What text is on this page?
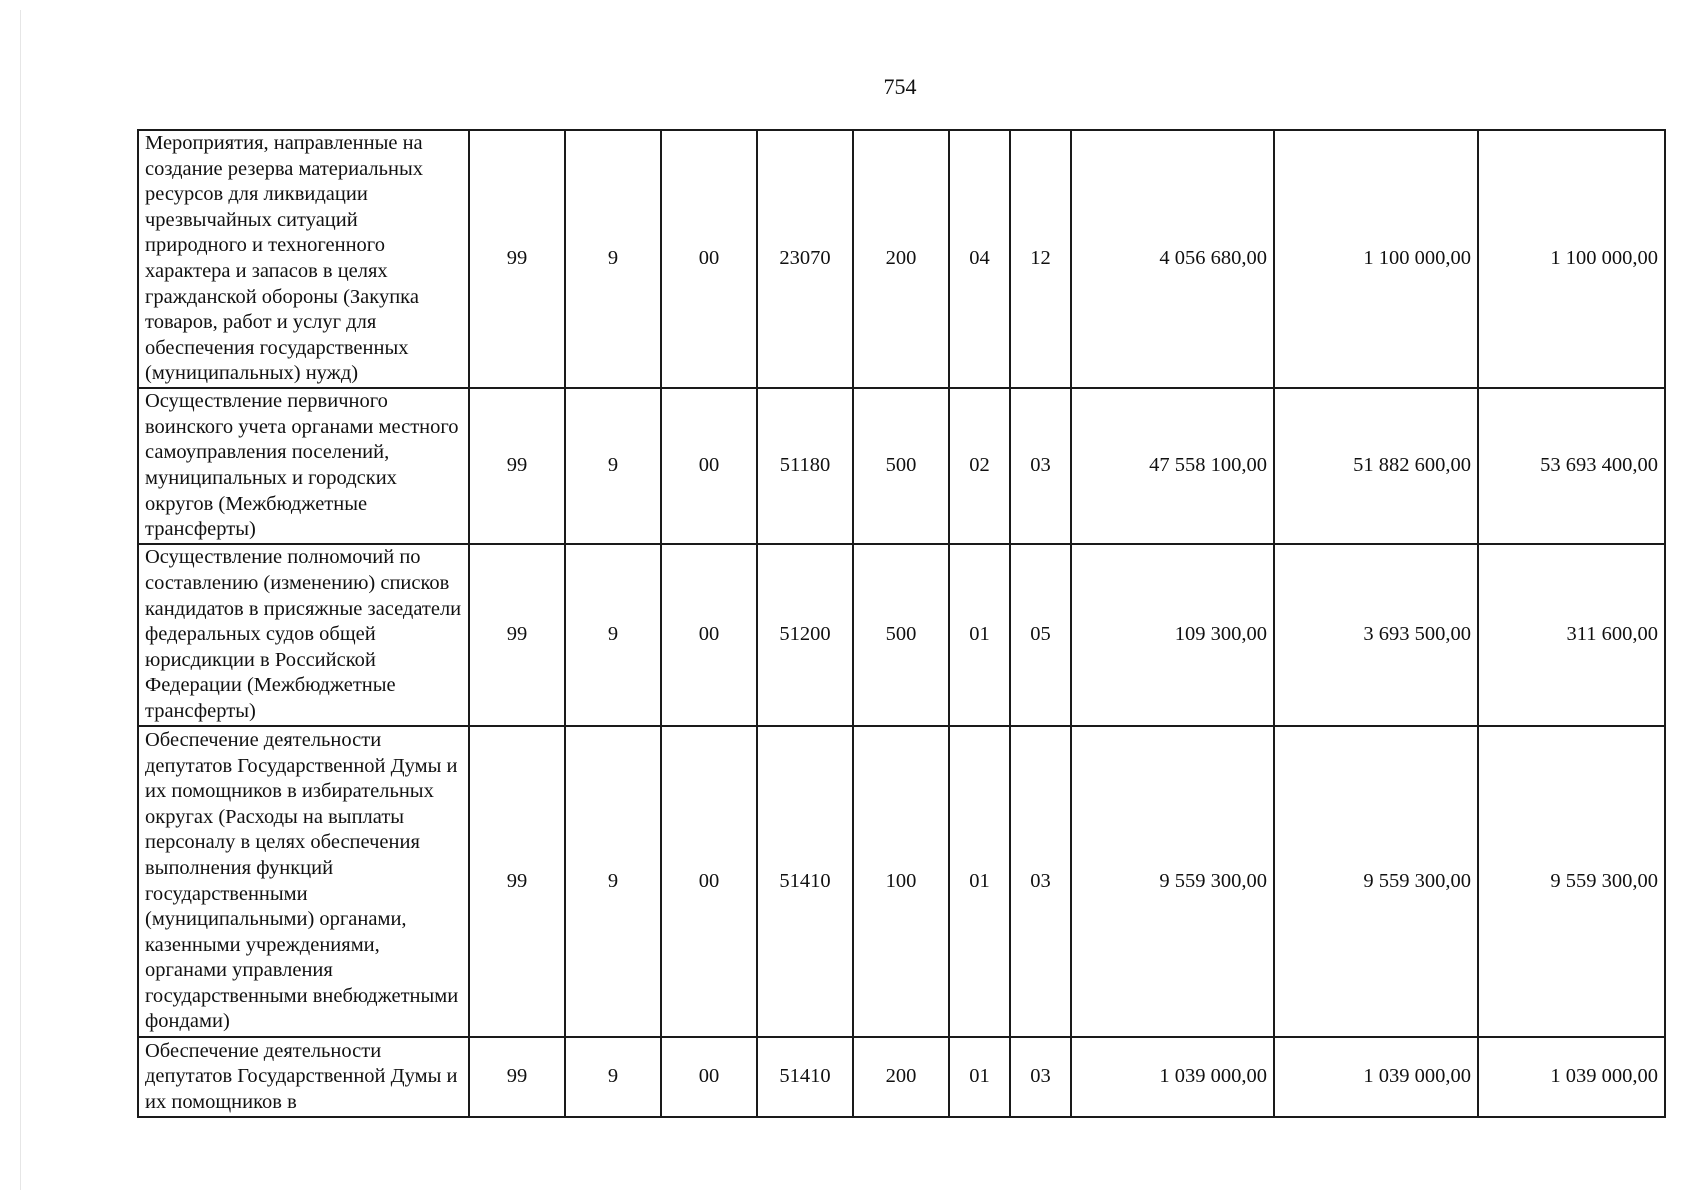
754
Мероприятия, направленные на создание резерва материальных ресурсов для ликвидации чрезвычайных ситуаций природного и техногенного характера и запасов в целях гражданской обороны (Закупка товаров, работ и услуг для обеспечения государственных (муниципальных) нужд)	99	9	00	23070	200	04	12	4 056 680,00	1 100 000,00	1 100 000,00
Осуществление первичного воинского учета органами местного самоуправления поселений, муниципальных и городских округов (Межбюджетные трансферты)	99	9	00	51180	500	02	03	47 558 100,00	51 882 600,00	53 693 400,00
Осуществление полномочий по составлению (изменению) списков кандидатов в присяжные заседатели федеральных судов общей юрисдикции в Российской Федерации (Межбюджетные трансферты)	99	9	00	51200	500	01	05	109 300,00	3 693 500,00	311 600,00
Обеспечение деятельности депутатов Государственной Думы и их помощников в избирательных округах (Расходы на выплаты персоналу в целях обеспечения выполнения функций государственными (муниципальными) органами, казенными учреждениями, органами управления государственными внебюджетными фондами)	99	9	00	51410	100	01	03	9 559 300,00	9 559 300,00	9 559 300,00
Обеспечение деятельности депутатов Государственной Думы и их помощников в	99	9	00	51410	200	01	03	1 039 000,00	1 039 000,00	1 039 000,00
